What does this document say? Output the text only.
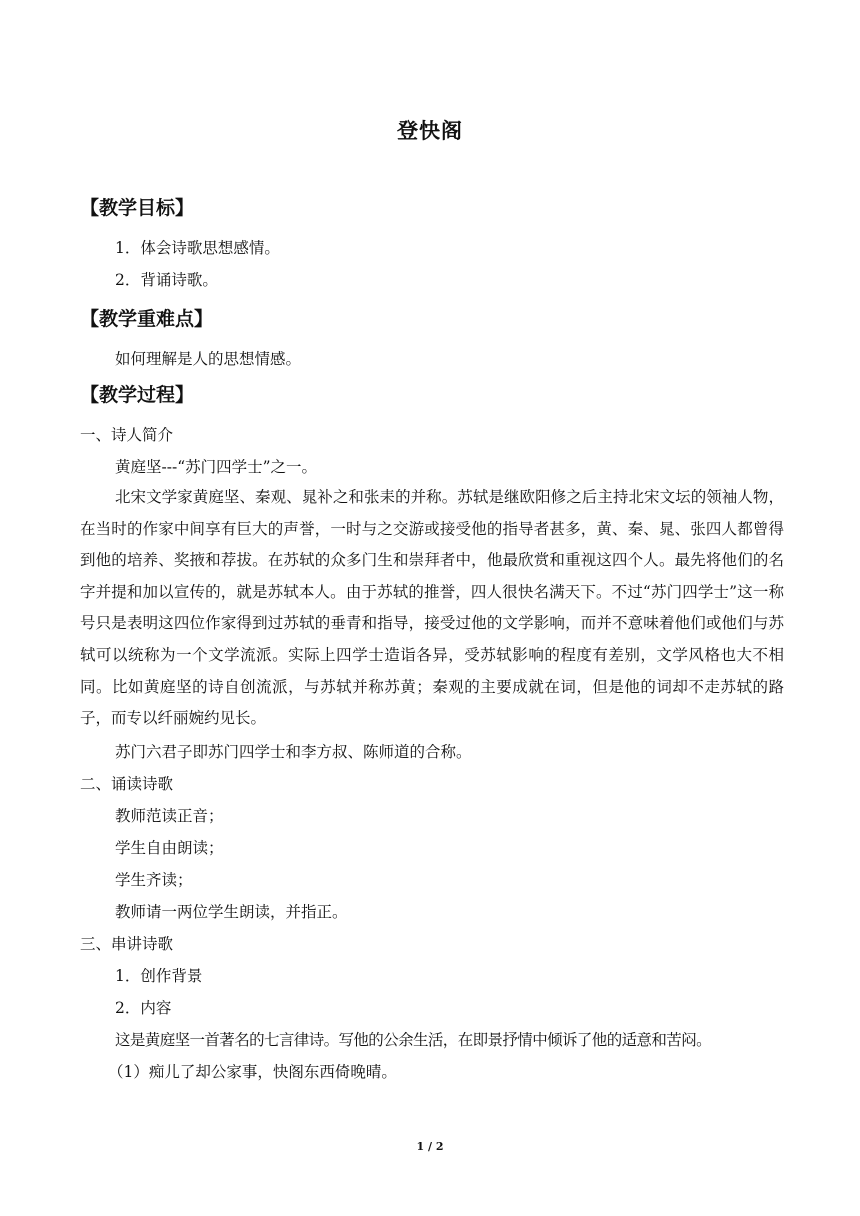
登快阁
【教学目标】
1．体会诗歌思想感情。
2．背诵诗歌。
【教学重难点】
如何理解是人的思想情感。
【教学过程】
一、诗人简介
黄庭坚---“苏门四学士”之一。
北宋文学家黄庭坚、秦观、晁补之和张耒的并称。苏轼是继欧阳修之后主持北宋文坛的领袖人物，在当时的作家中间享有巨大的声誉，一时与之交游或接受他的指导者甚多，黄、秦、晁、张四人都曾得到他的培养、奖掖和荐拔。在苏轼的众多门生和崇拜者中，他最欣赏和重视这四个人。最先将他们的名字并提和加以宣传的，就是苏轼本人。由于苏轼的推誉，四人很快名满天下。不过“苏门四学士”这一称号只是表明这四位作家得到过苏轼的垂青和指导，接受过他的文学影响，而并不意味着他们或他们与苏轼可以统称为一个文学流派。实际上四学士造诣各异，受苏轼影响的程度有差别，文学风格也大不相同。比如黄庭坚的诗自创流派，与苏轼并称苏黄；秦观的主要成就在词，但是他的词却不走苏轼的路子，而专以纤丽婉约见长。
苏门六君子即苏门四学士和李方叔、陈师道的合称。
二、诵读诗歌
教师范读正音；
学生自由朗读；
学生齐读；
教师请一两位学生朗读，并指正。
三、串讲诗歌
1．创作背景
2．内容
这是黄庭坚一首著名的七言律诗。写他的公余生活，在即景抒情中倾诉了他的适意和苦闷。
（1）痴儿了却公家事，快阁东西倚晚晴。
1 / 2
